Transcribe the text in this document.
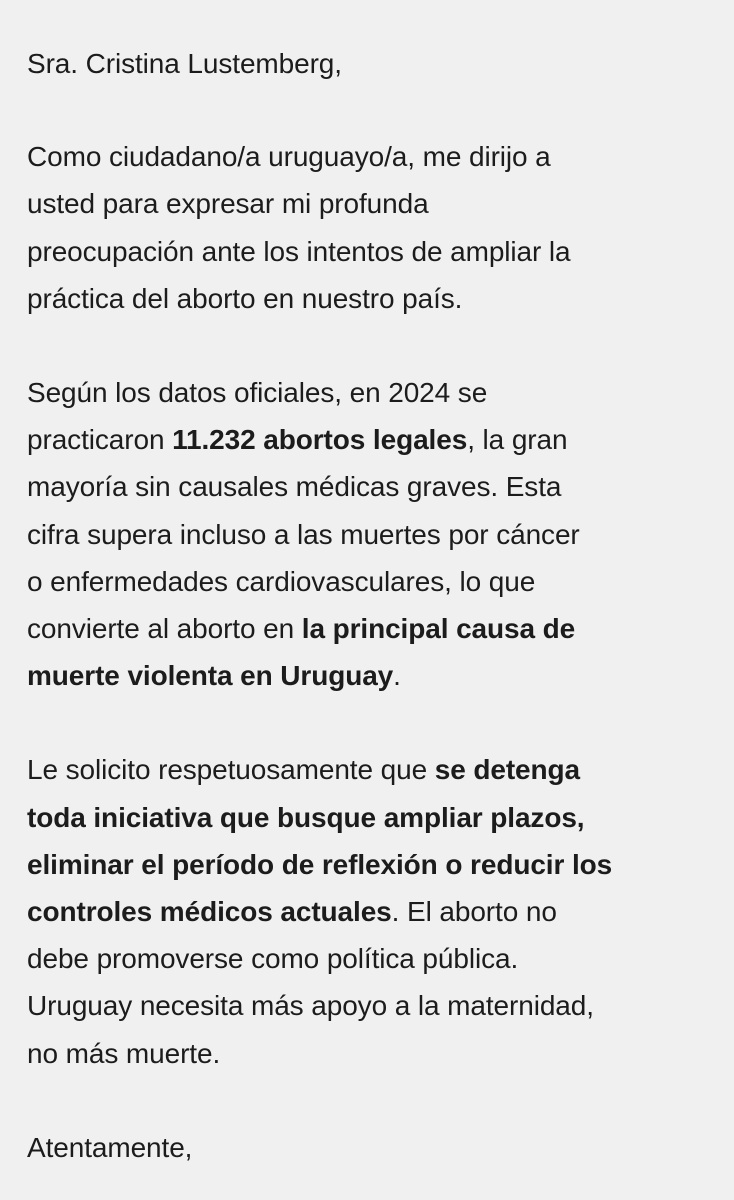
Sra. Cristina Lustemberg,
Como ciudadano/a uruguayo/a, me dirijo a
usted para expresar mi profunda
preocupación ante los intentos de ampliar la
práctica del aborto en nuestro país.
Según los datos oficiales, en 2024 se
practicaron 11.232 abortos legales, la gran
mayoría sin causales médicas graves. Esta
cifra supera incluso a las muertes por cáncer
o enfermedades cardiovasculares, lo que
convierte al aborto en la principal causa de
muerte violenta en Uruguay.
Le solicito respetuosamente que se detenga
toda iniciativa que busque ampliar plazos,
eliminar el período de reflexión o reducir los
controles médicos actuales. El aborto no
debe promoverse como política pública.
Uruguay necesita más apoyo a la maternidad,
no más muerte.
Atentamente,
